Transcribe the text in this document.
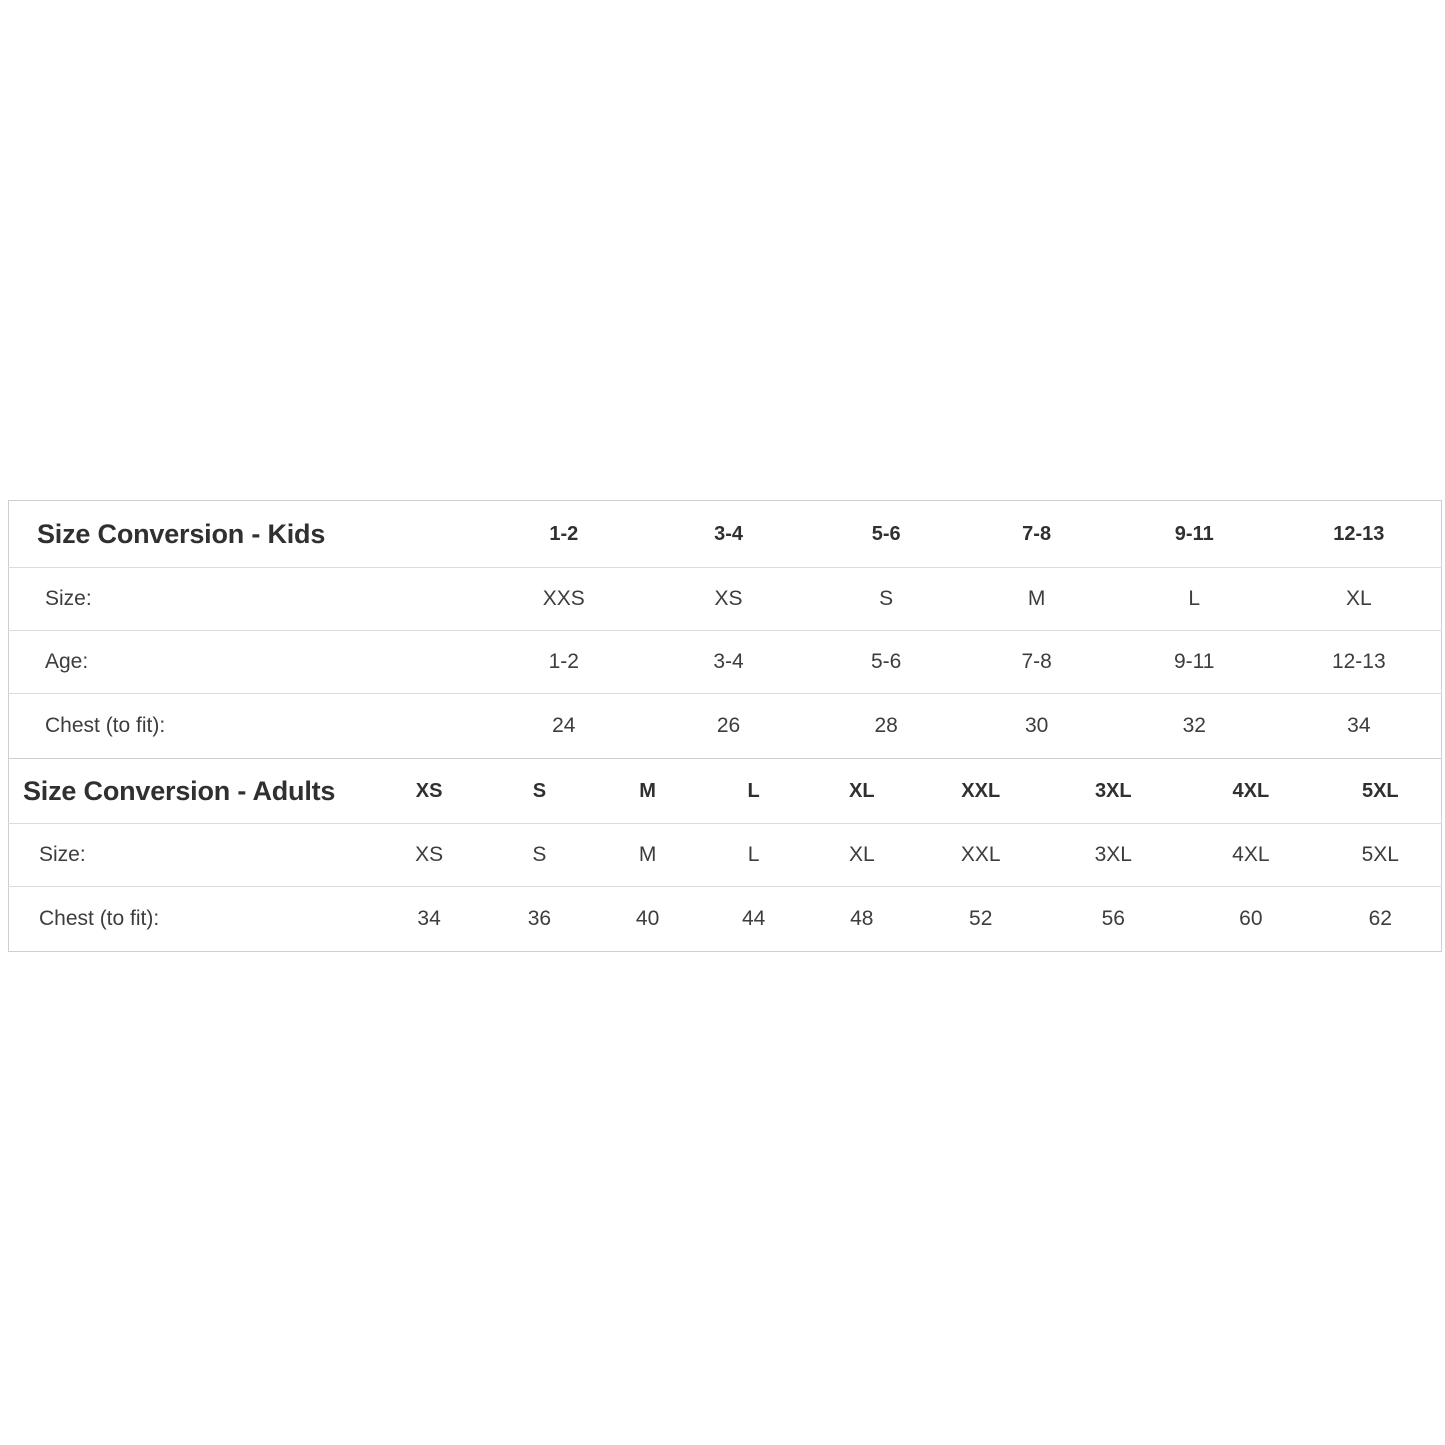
Size Conversion - Kids	1-2	3-4	5-6	7-8	9-11	12-13
Size:	XXS	XS	S	M	L	XL
Age:	1-2	3-4	5-6	7-8	9-11	12-13
Chest (to fit):	24	26	28	30	32	34
Size Conversion - Adults	XS	S	M	L	XL	XXL	3XL	4XL	5XL
Size:	XS	S	M	L	XL	XXL	3XL	4XL	5XL
Chest (to fit):	34	36	40	44	48	52	56	60	62
